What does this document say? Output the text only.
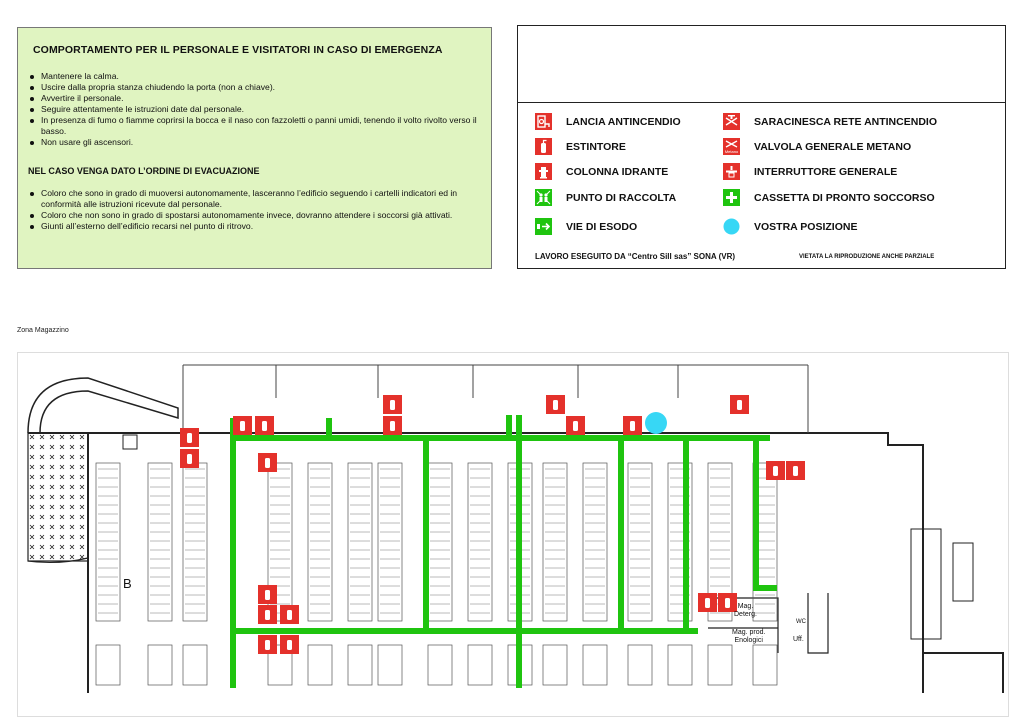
COMPORTAMENTO PER IL PERSONALE E VISITATORI IN CASO DI EMERGENZA
Mantenere la calma.
Uscire dalla propria stanza chiudendo la porta (non a chiave).
Avvertire il personale.
Seguire attentamente le istruzioni date dal personale.
In presenza di fumo o fiamme coprirsi la bocca e il naso con fazzoletti o panni umidi, tenendo il volto rivolto verso il basso.
Non usare gli ascensori.
NEL CASO VENGA DATO L’ORDINE DI EVACUAZIONE
Coloro che sono in grado di muoversi autonomamente, lasceranno l’edificio seguendo i cartelli indicatori ed in conformità alle istruzioni ricevute dal personale.
Coloro che non sono in grado di spostarsi autonomamente invece, dovranno attendere i soccorsi già attivati.
Giunti all’esterno dell’edificio recarsi nel punto di ritrovo.
LANCIA ANTINCENDIO
ESTINTORE
COLONNA IDRANTE
PUNTO DI RACCOLTA
VIE DI ESODO
SARACINESCA RETE ANTINCENDIO
Metano VALVOLA GENERALE METANO
INTERRUTTORE GENERALE
CASSETTA DI PRONTO SOCCORSO
VOSTRA POSIZIONE
LAVORO ESEGUITO DA “Centro Sill sas” SONA (VR)	VIETATA LA RIPRODUZIONE ANCHE PARZIALE
Zona Magazzino
B
Mag.
Deterg.
Mag. prod.
Enologici	Uff.
WC
